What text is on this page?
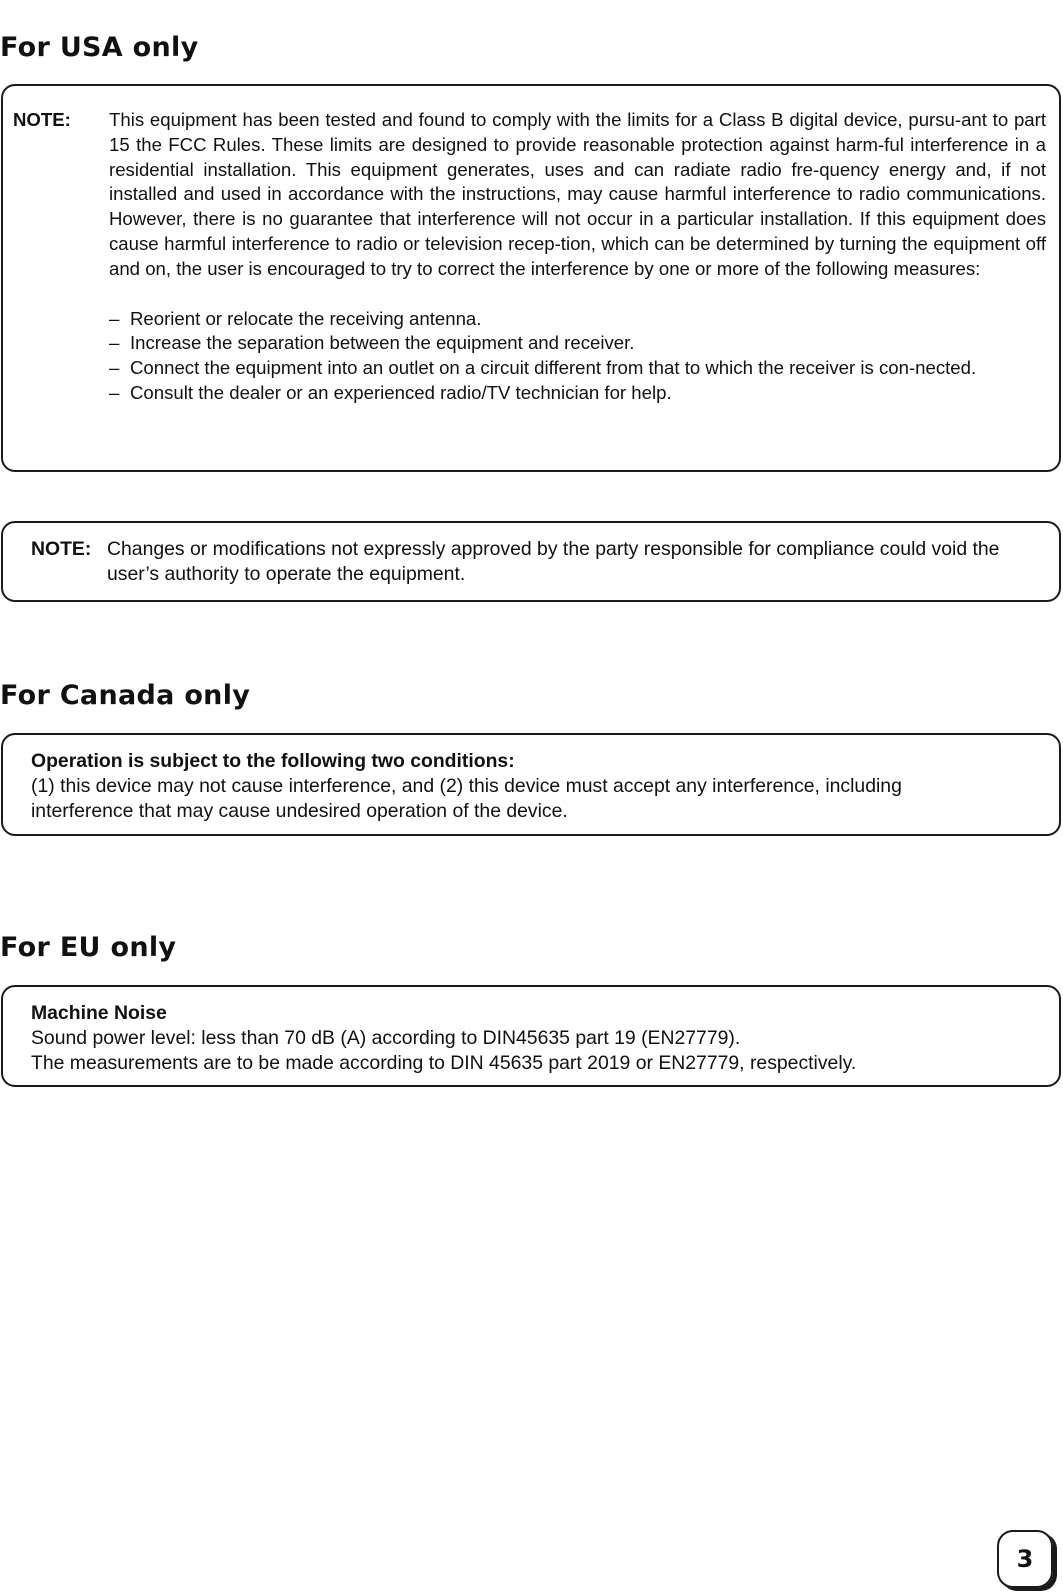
For USA only
NOTE: This equipment has been tested and found to comply with the limits for a Class B digital device, pursu-ant to part 15 the FCC Rules. These limits are designed to provide reasonable protection against harm-ful interference in a residential installation. This equipment generates, uses and can radiate radio fre-quency energy and, if not installed and used in accordance with the instructions, may cause harmful interference to radio communications. However, there is no guarantee that interference will not occur in a particular installation. If this equipment does cause harmful interference to radio or television recep-tion, which can be determined by turning the equipment off and on, the user is encouraged to try to correct the interference by one or more of the following measures:

– Reorient or relocate the receiving antenna.
– Increase the separation between the equipment and receiver.
– Connect the equipment into an outlet on a circuit different from that to which the receiver is con-nected.
– Consult the dealer or an experienced radio/TV technician for help.
NOTE: Changes or modifications not expressly approved by the party responsible for compliance could void the user’s authority to operate the equipment.
For Canada only
Operation is subject to the following two conditions:
(1) this device may not cause interference, and (2) this device must accept any interference, including
interference that may cause undesired operation of the device.
For EU only
Machine Noise
Sound power level: less than 70 dB (A) according to DIN45635 part 19 (EN27779).
The measurements are to be made according to DIN 45635 part 2019 or EN27779, respectively.
3
